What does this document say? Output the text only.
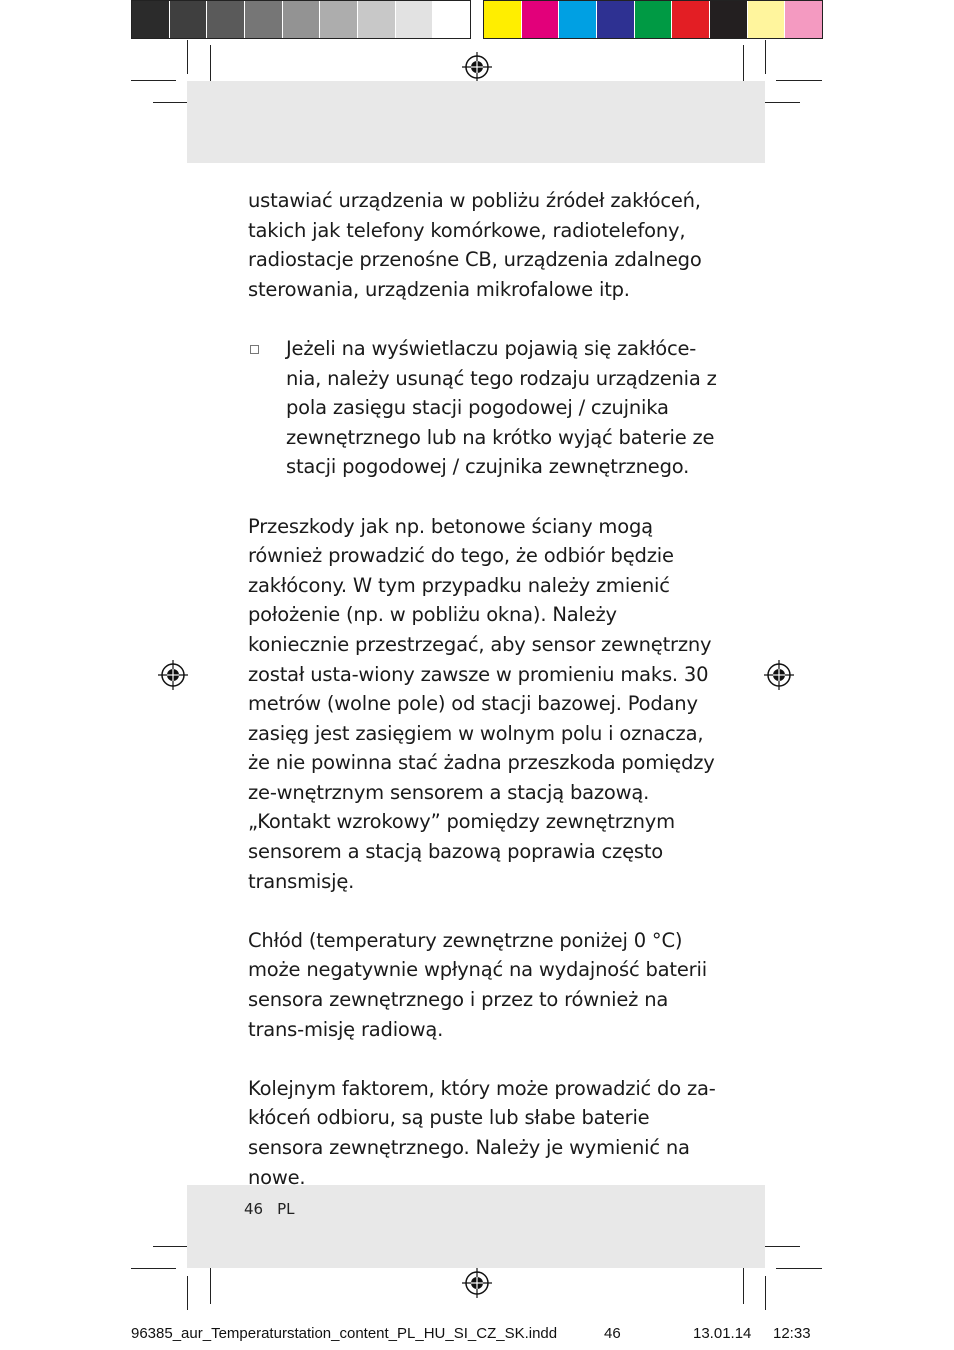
ustawiać urządzenia w pobliżu źródeł zakłóceń, takich jak telefony komórkowe, radiotelefony, radiostacje przenośne CB, urządzenia zdalnego sterowania, urządzenia mikrofalowe itp.

Jeżeli na wyświetlaczu pojawią się zakłóce-nia, należy usunąć tego rodzaju urządzenia z pola zasięgu stacji pogodowej / czujnika zewnętrznego lub na krótko wyjąć baterie ze stacji pogodowej / czujnika zewnętrznego.

Przeszkody jak np. betonowe ściany mogą również prowadzić do tego, że odbiór będzie zakłócony. W tym przypadku należy zmienić położenie (np. w pobliżu okna). Należy koniecznie przestrzegać, aby sensor zewnętrzny został usta-wiony zawsze w promieniu maks. 30 metrów (wolne pole) od stacji bazowej. Podany zasięg jest zasięgiem w wolnym polu i oznacza, że nie powinna stać żadna przeszkoda pomiędzy ze-wnętrznym sensorem a stacją bazową. „Kontakt wzrokowy” pomiędzy zewnętrznym sensorem a stacją bazową poprawia często transmisję.

Chłód (temperatury zewnętrzne poniżej 0 °C) może negatywnie wpłynąć na wydajność baterii sensora zewnętrznego i przez to również na trans-misję radiową.

Kolejnym faktorem, który może prowadzić do za-kłóceń odbioru, są puste lub słabe baterie sensora zewnętrznego. Należy je wymienić na nowe.

46 PL
96385_aur_Temperaturstation_content_PL_HU_SI_CZ_SK.indd	46	13.01.14 12:33
